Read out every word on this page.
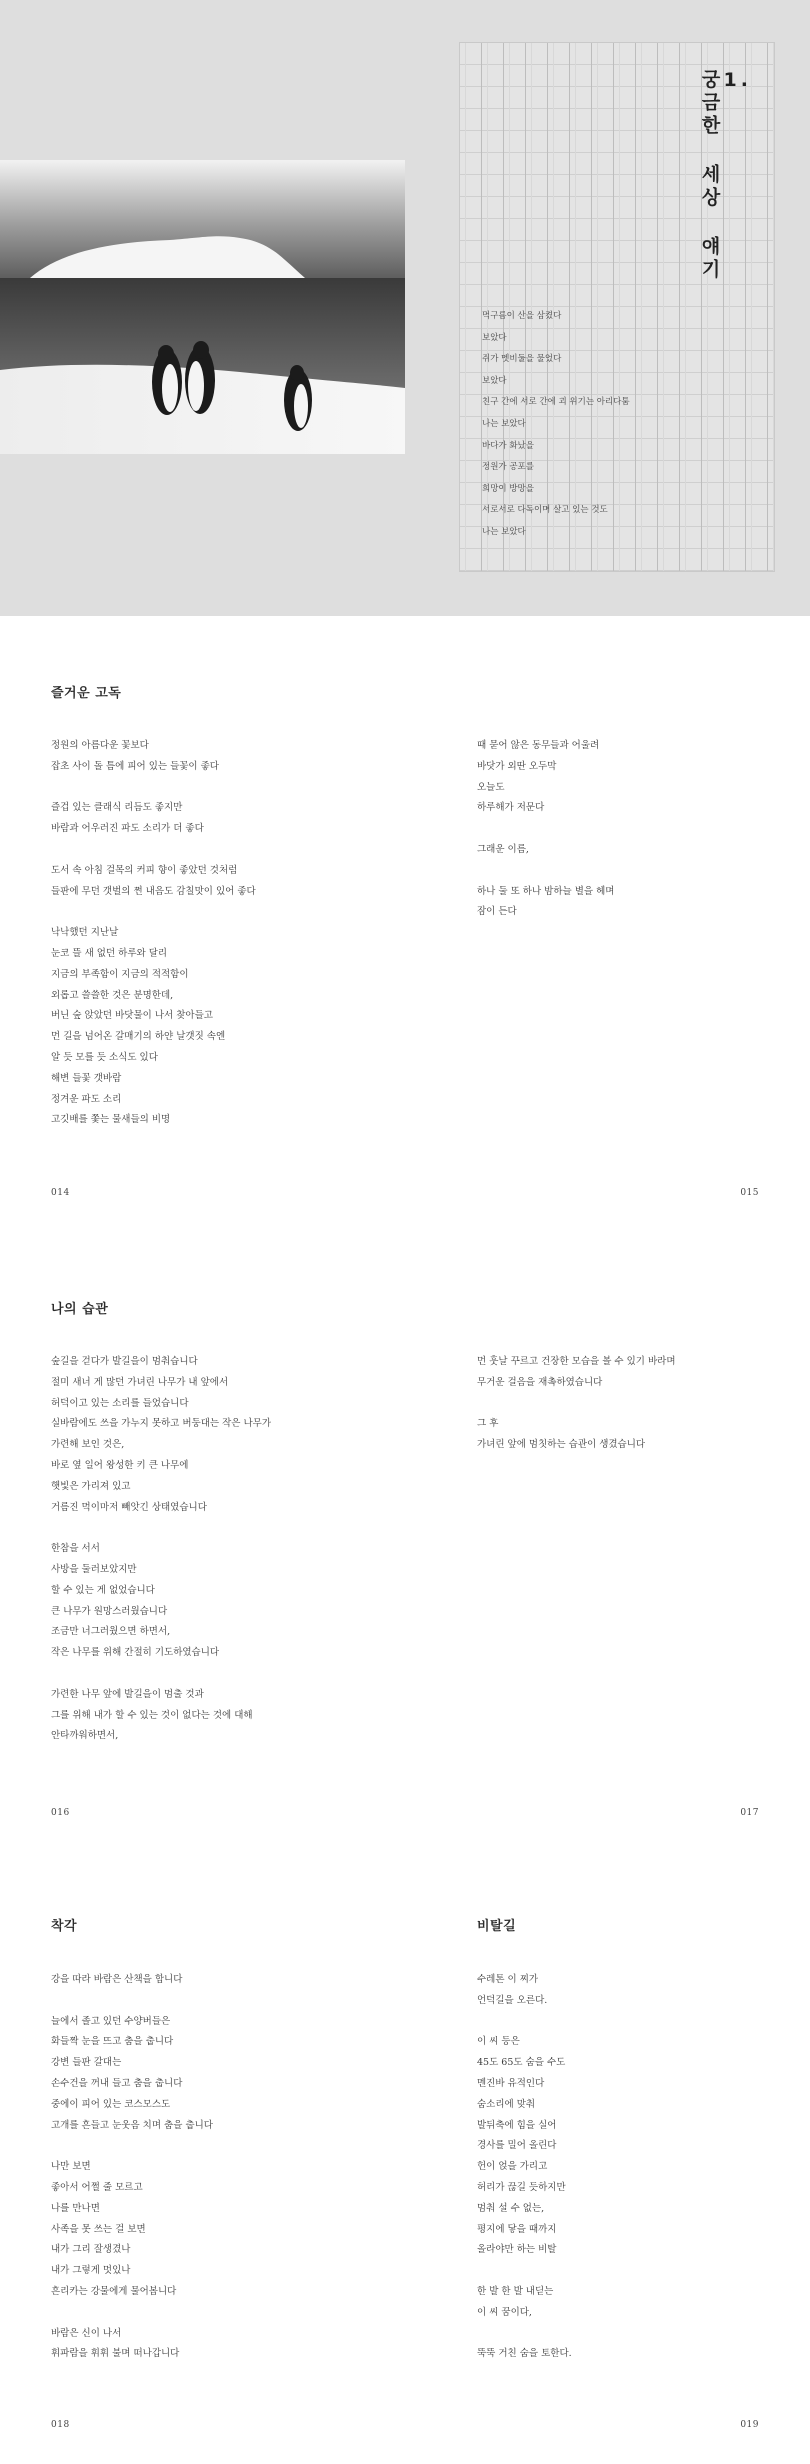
1.
궁금한 세상 얘기
먹구름이 산을 삼켰다
보았다
쥐가 멧비둘을 물었다
보았다
친구 간에 서로 간에 괴 위기는 아리다툼
나는 보았다
바다가 화났을
정원가 공포를
희망이 방망을
서로서로 다독이며 살고 있는 것도
나는 보았다
즐거운 고독
정원의 아름다운 꽃보다
잡초 사이 돌 틈에 피어 있는 들꽃이 좋다
즐겁 있는 클래식 리듬도 좋지만
바람과 어우러진 파도 소리가 더 좋다
도서 속 아침 걸목의 커피 향이 좋았던 것처럼
들판에 무던 갯벌의 쩐 내음도 감칠맛이 있어 좋다
낙낙했던 지난날
눈코 뜰 새 없던 하루와 달리
지금의 부족함이 지금의 적적함이
외롭고 쓸쓸한 것은 분명한데,
버닌 숲 앉았던 바닷물이 나서 찾아들고
먼 길을 넘어온 갈매기의 하얀 날갯짓 속엔
알 듯 모를 듯 소식도 있다
해변 들꽃 갯바람
정겨운 파도 소리
고깃배를 쫓는 물새들의 비명
때 묻어 않은 동무들과 어울려
바닷가 외딴 오두막
오늘도
하루해가 저문다
그래운 이름,
하나 둘 또 하나 밤하늘 별을 헤며
잠이 든다
014	015
나의 습관
숲길을 걷다가 발길을이 멈춰습니다
절미 새너 게 많던 가녀린 나무가 내 앞에서
허덕이고 있는 소리를 들었습니다
실바람에도 쓰을 가누지 못하고 버둥대는 작은 나무가
가련해 보인 것은,
바로 옆 일어 왕성한 키 큰 나무에
햇빛은 가리져 있고
거름진 먹이마저 빼앗긴 상태였습니다
한참을 서서
사방을 둘러보았지만
할 수 있는 게 없었습니다
큰 나무가 원망스러웠습니다
조금만 너그러웠으면 하면서,
작은 나무를 위해 간절히 기도하였습니다
가련한 나무 앞에 발길을이 멈출 것과
그를 위해 내가 할 수 있는 것이 없다는 것에 대해
안타까워하면서,
먼 훗날 꾸르고 건장한 모습을 볼 수 있기 바라며
무거운 걸음을 재촉하였습니다
그 후
가녀린 앞에 멈칫하는 습관이 생겼습니다
016	017
착각	비탈길
강을 따라 바람은 산책을 합니다
늘에서 졸고 있던 수양버들은
화들짝 눈을 뜨고 춤을 춥니다
강변 들판 갈대는
손수건을 꺼내 들고 춤을 춥니다
중에이 피어 있는 코스모스도
고개를 흔들고 눈웃음 치며 춤을 춥니다
나만 보면
좋아서 어쩔 줄 모르고
나를 만나면
사족을 못 쓰는 걸 보면
내가 그리 잘생겼나
내가 그렇게 멋있나
흔리카는 강물에게 물어봅니다
바람은 신이 나서
휘파람을 휘휘 불며 떠나갑니다
수레톤 이 찌가
언덕길을 오른다.
이 씨 등은
45도 65도 숨을 수도
멘진바 유적인다
숨소리에 맞춰
발뒤축에 힘을 실어
경사를 밀어 올린다
헌이 얹을 가리고
허리가 끊길 듯하지만
멈춰 설 수 없는,
평지에 닿을 때까지
올라야만 하는 비탈
한 발 한 발 내딛는
이 씨 꿈이다,
뚝뚝 거친 숨을 토한다.
018	019
